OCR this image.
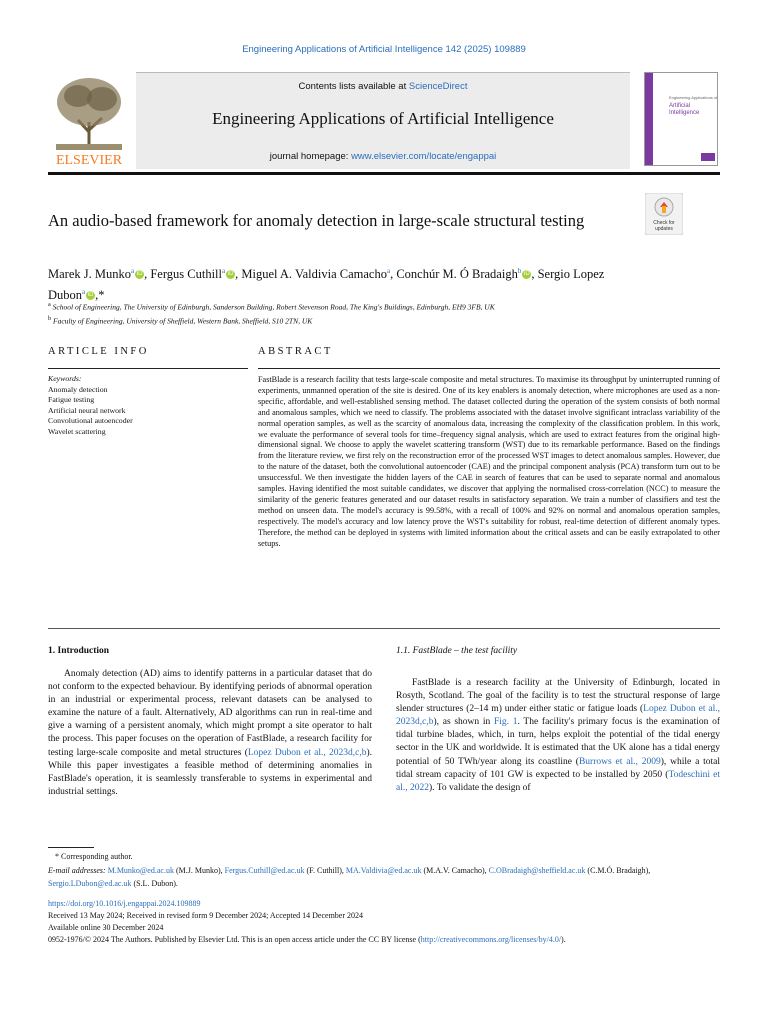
Engineering Applications of Artificial Intelligence 142 (2025) 109889
ELSEVIER
Contents lists available at ScienceDirect
Engineering Applications of Artificial Intelligence
journal homepage: www.elsevier.com/locate/engappai
Engineering Applications of
Artificial
Intelligence
An audio-based framework for anomaly detection in large-scale structural testing	Check for
updates
Marek J. Munko$^a$ iD , Fergus Cuthill$^a$ iD , Miguel A. Valdivia Camacho$^a$, Conchúr M. Ó Bradaigh$^b$ iD , Sergio Lopez Dubon$^a$ iD ,*
$^a$ School of Engineering, The University of Edinburgh, Sanderson Building, Robert Stevenson Road, The King's Buildings, Edinburgh, EH9 3FB, UK
$^b$ Faculty of Engineering, University of Sheffield, Western Bank, Sheffield, S10 2TN, UK
ARTICLE INFO	ABSTRACT
Keywords:
Anomaly detection
Fatigue testing
Artificial neural network
Convolutional autoencoder
Wavelet scattering
FastBlade is a research facility that tests large-scale composite and metal structures. To maximise its throughput by uninterrupted running of experiments, unmanned operation of the site is desired. One of its key enablers is anomaly detection, where microphones are used as a non-specific, affordable, and well-established sensing method. The dataset collected during the operation of the system consists of both normal and anomalous samples, which we need to classify. The problems associated with the dataset involve significant intraclass variability of the normal operation samples, as well as the scarcity of anomalous data, increasing the complexity of the classification problem. In this work, we evaluate the performance of several tools for time–frequency signal analysis, which are used to extract features from the original high-dimensional signal. We choose to apply the wavelet scattering transform (WST) due to its remarkable performance. Based on the findings from the literature review, we first rely on the reconstruction error of the processed WST images to detect anomalous samples. However, due to the nature of the dataset, both the convolutional autoencoder (CAE) and the principal component analysis (PCA) transform turn out to be unsuccessful. We then investigate the hidden layers of the CAE in search of features that can be used to separate normal and anomalous samples. Having identified the most suitable candidates, we discover that applying the normalised cross-correlation (NCC) to measure the similarity of the generic features generated and our dataset results in satisfactory separation. We train a number of classifiers and test the method on unseen data. The model's accuracy is 99.58%, with a recall of 100% and 92% on normal and anomalous operation samples, respectively. The model's accuracy and low latency prove the WST's suitability for robust, real-time detection of different anomaly types. Therefore, the method can be deployed in systems with limited information about the critical assets and can be easily extrapolated to other setups.
1. Introduction
Anomaly detection (AD) aims to identify patterns in a particular dataset that do not conform to the expected behaviour. By identifying periods of abnormal operation in an industrial or experimental process, relevant datasets can be analysed to examine the nature of a fault. Alternatively, AD algorithms can run in real-time and give a warning of a persistent anomaly, which might prompt a site operator to halt the process. This paper focuses on the operation of FastBlade, a research facility for testing large-scale composite and metal structures (Lopez Dubon et al., 2023d,c,b). While this paper investigates a feasible method of determining anomalies in FastBlade's operation, it is seamlessly transferable to systems in experimental and industrial settings.
1.1. FastBlade – the test facility
FastBlade is a research facility at the University of Edinburgh, located in Rosyth, Scotland. The goal of the facility is to test the structural response of large slender structures (2–14 m) under either static or fatigue loads (Lopez Dubon et al., 2023d,c,b), as shown in Fig. 1. The facility's primary focus is the examination of tidal turbine blades, which, in turn, helps exploit the potential of the tidal energy sector in the UK and worldwide. It is estimated that the UK alone has a tidal energy potential of 50 TWh/year along its coastline (Burrows et al., 2009), while a total tidal stream capacity of 101 GW is expected to be installed by 2050 (Todeschini et al., 2022). To validate the design of
* Corresponding author.
E-mail addresses: M.Munko@ed.ac.uk (M.J. Munko), Fergus.Cuthill@ed.ac.uk (F. Cuthill), MA.Valdivia@ed.ac.uk (M.A.V. Camacho), C.OBradaigh@sheffield.ac.uk (C.M.Ó. Bradaigh), Sergio.LDubon@ed.ac.uk (S.L. Dubon).
https://doi.org/10.1016/j.engappai.2024.109889
Received 13 May 2024; Received in revised form 9 December 2024; Accepted 14 December 2024
Available online 30 December 2024
0952-1976/© 2024 The Authors. Published by Elsevier Ltd. This is an open access article under the CC BY license (http://creativecommons.org/licenses/by/4.0/).
